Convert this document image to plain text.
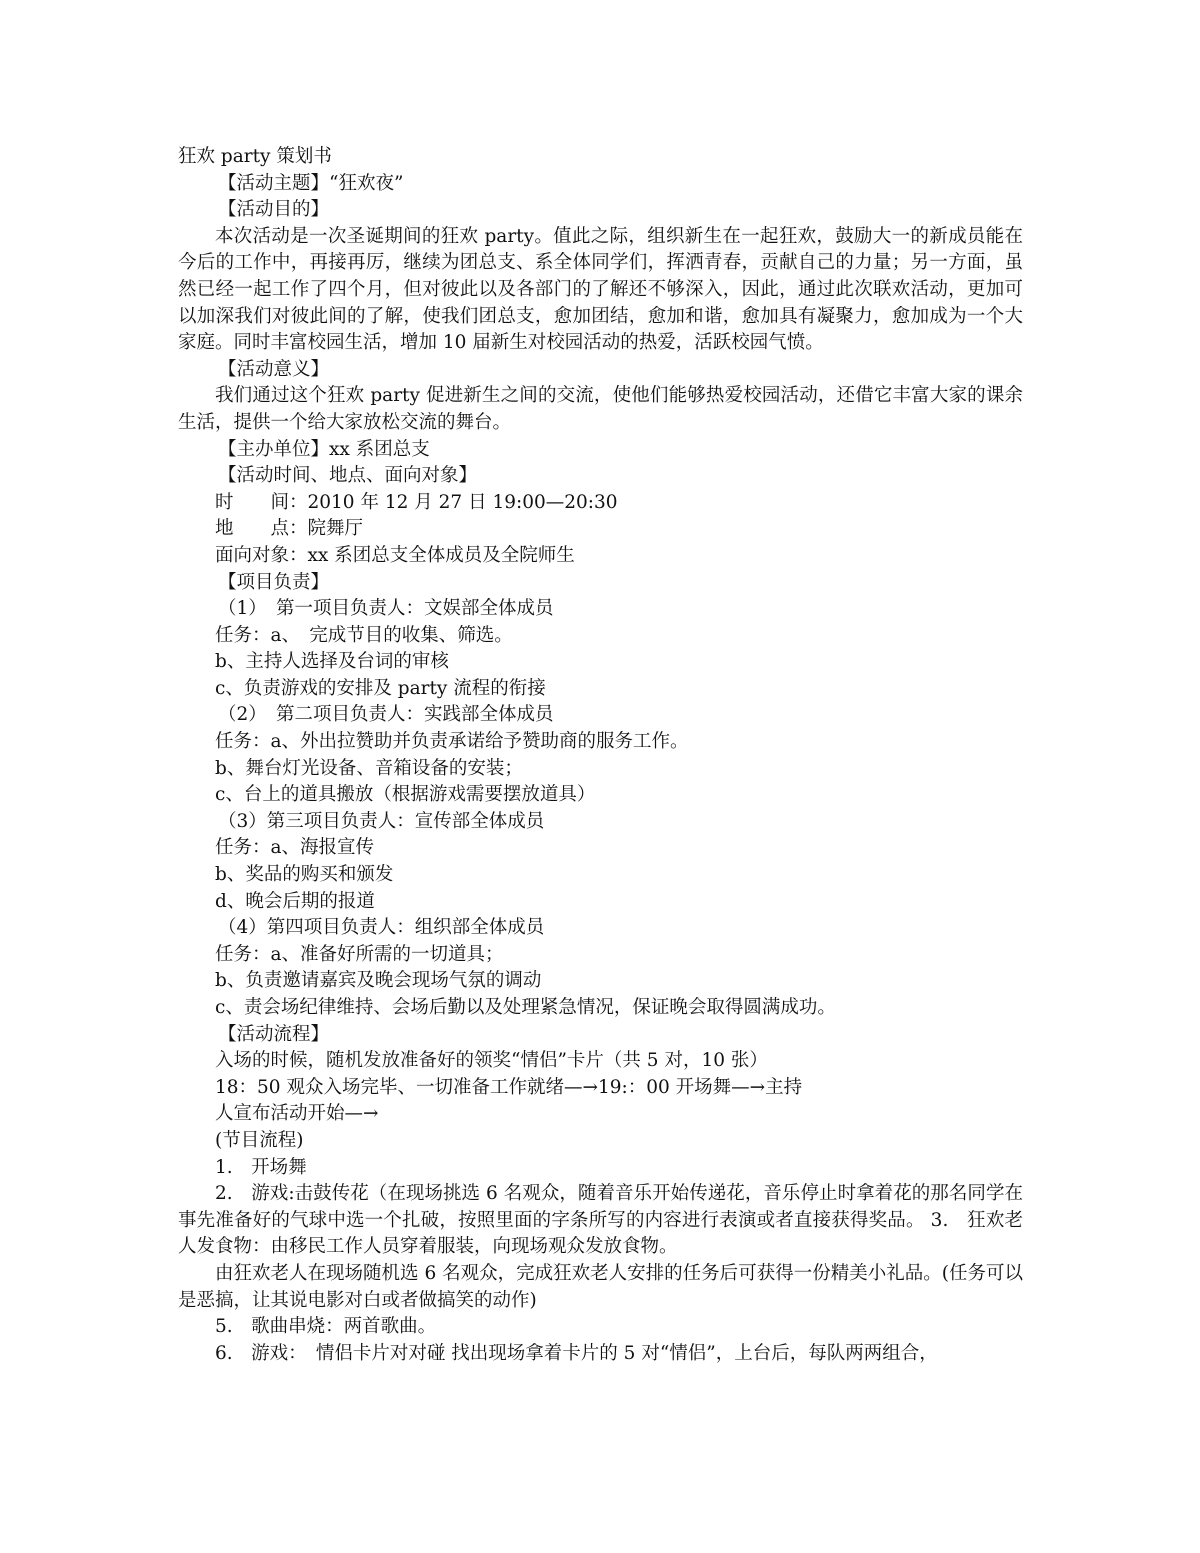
狂欢 party 策划书
【活动主题】“狂欢夜”
【活动目的】
本次活动是一次圣诞期间的狂欢 party。值此之际，组织新生在一起狂欢，鼓励大一的新成员能在今后的工作中，再接再厉，继续为团总支、系全体同学们，挥洒青春，贡献自己的力量；另一方面，虽然已经一起工作了四个月，但对彼此以及各部门的了解还不够深入，因此，通过此次联欢活动，更加可以加深我们对彼此间的了解，使我们团总支，愈加团结，愈加和谐，愈加具有凝聚力，愈加成为一个大家庭。同时丰富校园生活，增加 10 届新生对校园活动的热爱，活跃校园气愤。
【活动意义】
我们通过这个狂欢 party 促进新生之间的交流，使他们能够热爱校园活动，还借它丰富大家的课余生活，提供一个给大家放松交流的舞台。
【主办单位】xx 系团总支
【活动时间、地点、面向对象】
时　　间：2010 年 12 月 27 日 19:00—20:30
地　　点：院舞厅
面向对象：xx 系团总支全体成员及全院师生
【项目负责】
（1）　第一项目负责人：文娱部全体成员
任务：a、　完成节目的收集、筛选。
b、主持人选择及台词的审核
c、负责游戏的安排及 party 流程的衔接
（2）　第二项目负责人：实践部全体成员
任务：a、外出拉赞助并负责承诺给予赞助商的服务工作。
b、舞台灯光设备、音箱设备的安装；
c、台上的道具搬放（根据游戏需要摆放道具）
（3）第三项目负责人：宣传部全体成员
任务：a、海报宣传
b、奖品的购买和颁发
d、晚会后期的报道
（4）第四项目负责人：组织部全体成员
任务：a、准备好所需的一切道具；
b、负责邀请嘉宾及晚会现场气氛的调动
c、责会场纪律维持、会场后勤以及处理紧急情况，保证晚会取得圆满成功。
【活动流程】
入场的时候，随机发放准备好的领奖“情侣”卡片（共 5 对，10 张）
18：50 观众入场完毕、一切准备工作就绪—→19:：00 开场舞—→主持
人宣布活动开始—→
(节目流程)
1.　开场舞
2.　游戏:击鼓传花（在现场挑选 6 名观众，随着音乐开始传递花，音乐停止时拿着花的那名同学在事先准备好的气球中选一个扎破，按照里面的字条所写的内容进行表演或者直接获得奖品。 3.　狂欢老人发食物：由移民工作人员穿着服装，向现场观众发放食物。
由狂欢老人在现场随机选 6 名观众，完成狂欢老人安排的任务后可获得一份精美小礼品。(任务可以是恶搞，让其说电影对白或者做搞笑的动作)
5.　歌曲串烧：两首歌曲。
6.　游戏：　情侣卡片对对碰 找出现场拿着卡片的 5 对“情侣”，上台后，每队两两组合，
